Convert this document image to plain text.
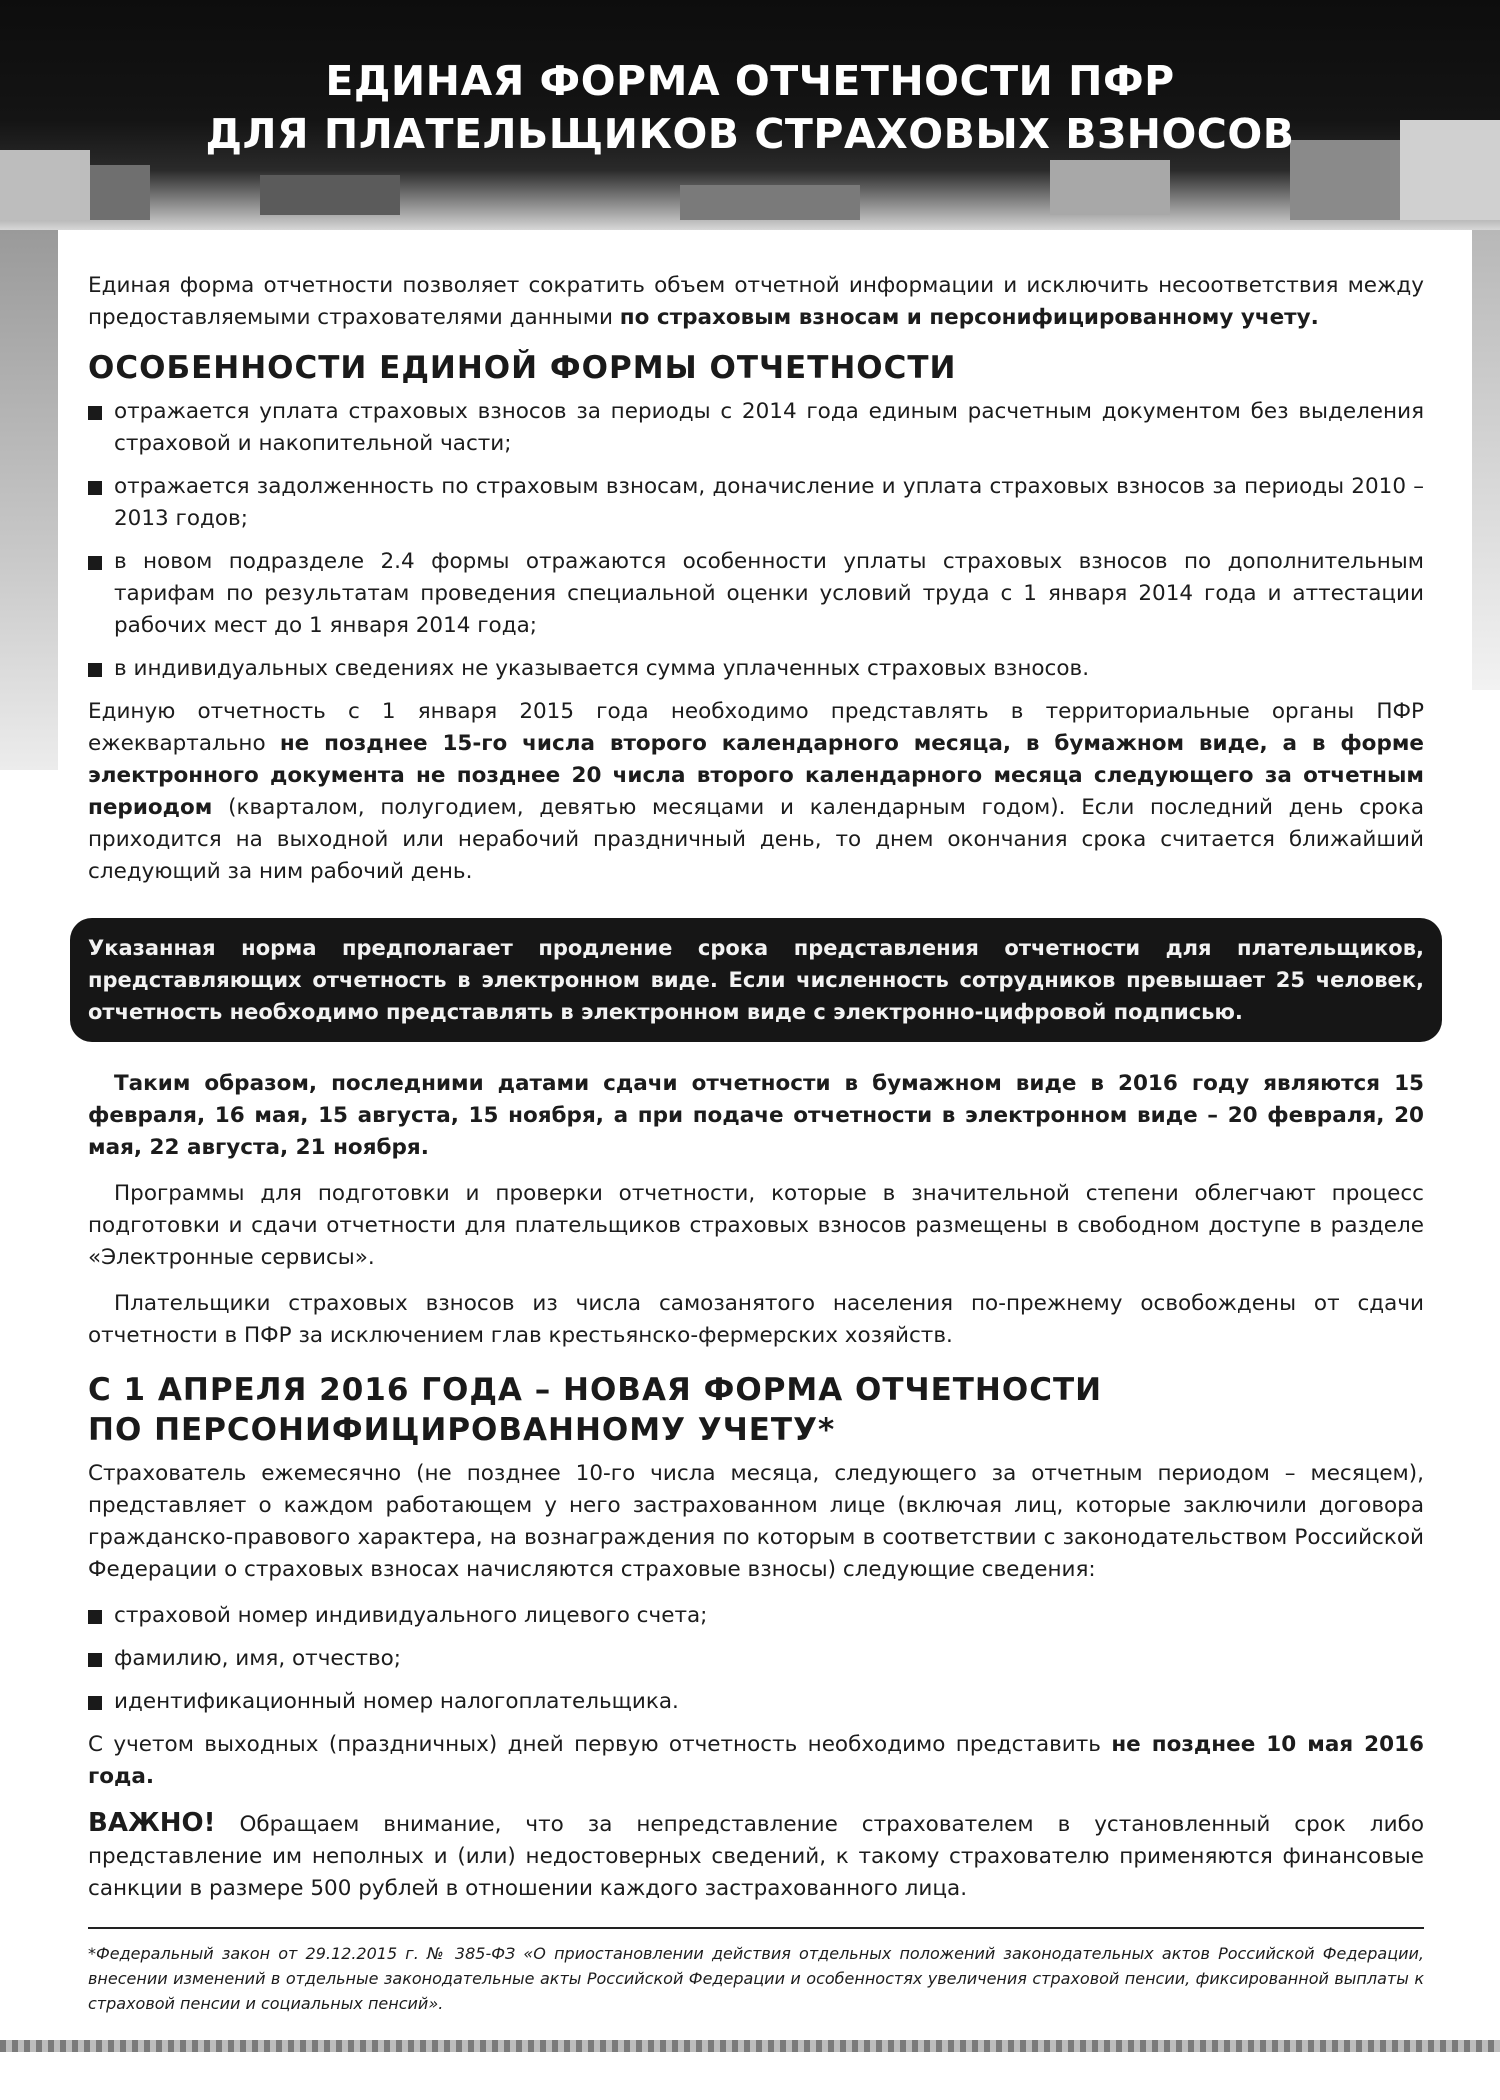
ЕДИНАЯ ФОРМА ОТЧЕТНОСТИ ПФР
ДЛЯ ПЛАТЕЛЬЩИКОВ СТРАХОВЫХ ВЗНОСОВ

Единая форма отчетности позволяет сократить объем отчетной информации и исключить несоответствия между предоставляемыми страхователями данными по страховым взносам и персонифицированному учету.

ОСОБЕННОСТИ ЕДИНОЙ ФОРМЫ ОТЧЕТНОСТИ
отражается уплата страховых взносов за периоды с 2014 года единым расчетным документом без выделения страховой и накопительной части;
отражается задолженность по страховым взносам, доначисление и уплата страховых взносов за периоды 2010 – 2013 годов;
в новом подразделе 2.4 формы отражаются особенности уплаты страховых взносов по дополнительным тарифам по результатам проведения специальной оценки условий труда с 1 января 2014 года и аттестации рабочих мест до 1 января 2014 года;
в индивидуальных сведениях не указывается сумма уплаченных страховых взносов.

Единую отчетность с 1 января 2015 года необходимо представлять в территориальные органы ПФР ежеквартально не позднее 15-го числа второго календарного месяца, в бумажном виде, а в форме электронного документа не позднее 20 числа второго календарного месяца следующего за отчетным периодом (кварталом, полугодием, девятью месяцами и календарным годом). Если последний день срока приходится на выходной или нерабочий праздничный день, то днем окончания срока считается ближайший следующий за ним рабочий день.

Указанная норма предполагает продление срока представления отчетности для плательщиков, представляющих отчетность в электронном виде. Если численность сотрудников превышает 25 человек, отчетность необходимо представлять в электронном виде с электронно-цифровой подписью.

Таким образом, последними датами сдачи отчетности в бумажном виде в 2016 году являются 15 февраля, 16 мая, 15 августа, 15 ноября, а при подаче отчетности в электронном виде – 20 февраля, 20 мая, 22 августа, 21 ноября.

Программы для подготовки и проверки отчетности, которые в значительной степени облегчают процесс подготовки и сдачи отчетности для плательщиков страховых взносов размещены в свободном доступе в разделе «Электронные сервисы».

Плательщики страховых взносов из числа самозанятого населения по-прежнему освобождены от сдачи отчетности в ПФР за исключением глав крестьянско-фермерских хозяйств.

С 1 АПРЕЛЯ 2016 ГОДА – НОВАЯ ФОРМА ОТЧЕТНОСТИ
ПО ПЕРСОНИФИЦИРОВАННОМУ УЧЕТУ*

Страхователь ежемесячно (не позднее 10-го числа месяца, следующего за отчетным периодом – месяцем), представляет о каждом работающем у него застрахованном лице (включая лиц, которые заключили договора гражданско-правового характера, на вознаграждения по которым в соответствии с законодательством Российской Федерации о страховых взносах начисляются страховые взносы) следующие сведения:

страховой номер индивидуального лицевого счета;
фамилию, имя, отчество;
идентификационный номер налогоплательщика.

С учетом выходных (праздничных) дней первую отчетность необходимо представить не позднее 10 мая 2016 года.

ВАЖНО! Обращаем внимание, что за непредставление страхователем в установленный срок либо представление им неполных и (или) недостоверных сведений, к такому страхователю применяются финансовые санкции в размере 500 рублей в отношении каждого застрахованного лица.

*Федеральный закон от 29.12.2015 г. № 385-ФЗ «О приостановлении действия отдельных положений законодательных актов Российской Федерации, внесении изменений в отдельные законодательные акты Российской Федерации и особенностях увеличения страховой пенсии, фиксированной выплаты к страховой пенсии и социальных пенсий».
